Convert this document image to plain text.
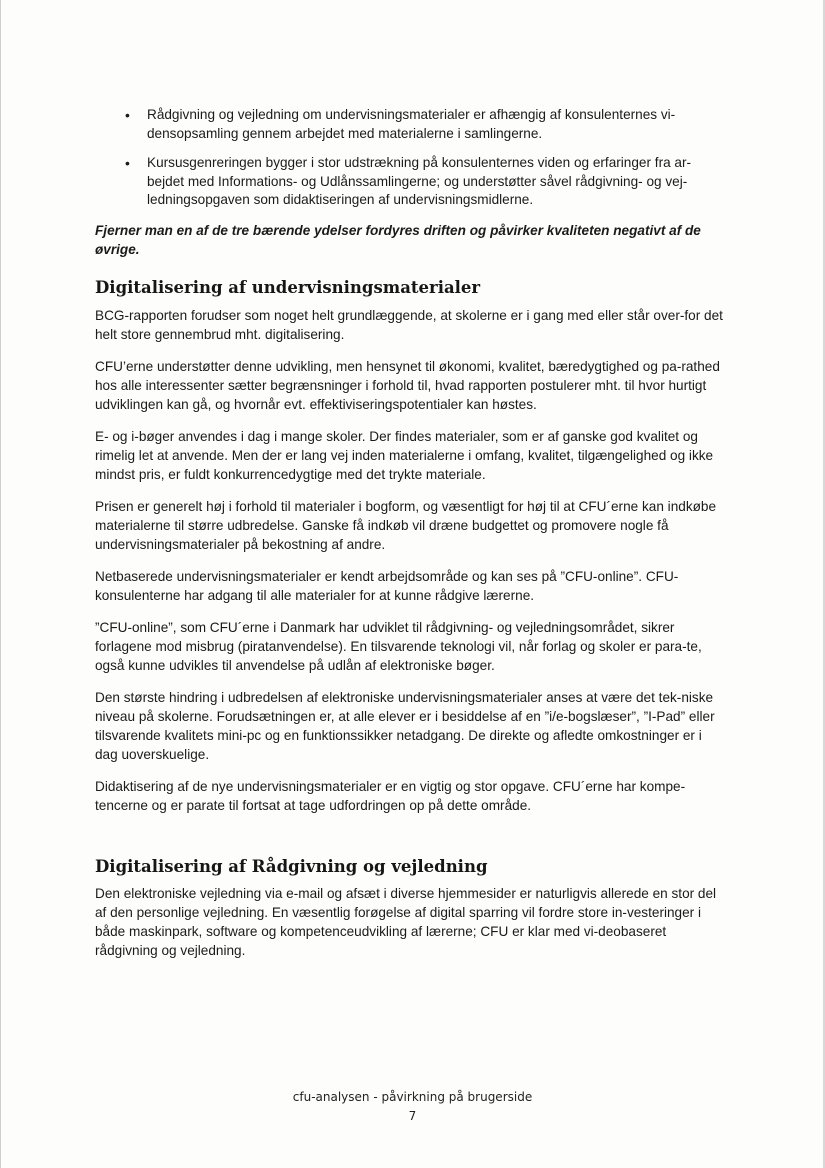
• Rådgivning og vejledning om undervisningsmaterialer er afhængig af konsulenternes vi-densopsamling gennem arbejdet med materialerne i samlingerne.
• Kursusgenreringen bygger i stor udstrækning på konsulenternes viden og erfaringer fra ar-bejdet med Informations- og Udlånssamlingerne; og understøtter såvel rådgivning- og vej-ledningsopgaven som didaktiseringen af undervisningsmidlerne.

Fjerner man en af de tre bærende ydelser fordyres driften og påvirker kvaliteten negativt af de øvrige.

Digitalisering af undervisningsmaterialer

BCG-rapporten forudser som noget helt grundlæggende, at skolerne er i gang med eller står over-for det helt store gennembrud mht. digitalisering.

CFU’erne understøtter denne udvikling, men hensynet til økonomi, kvalitet, bæredygtighed og pa-rathed hos alle interessenter sætter begrænsninger i forhold til, hvad rapporten postulerer mht. til hvor hurtigt udviklingen kan gå, og hvornår evt. effektiviseringspotentialer kan høstes.

E- og i-bøger anvendes i dag i mange skoler. Der findes materialer, som er af ganske god kvalitet og rimelig let at anvende. Men der er lang vej inden materialerne i omfang, kvalitet, tilgængelighed og ikke mindst pris, er fuldt konkurrencedygtige med det trykte materiale.

Prisen er generelt høj i forhold til materialer i bogform, og væsentligt for høj til at CFU´erne kan indkøbe materialerne til større udbredelse. Ganske få indkøb vil dræne budgettet og promovere nogle få undervisningsmaterialer på bekostning af andre.

Netbaserede undervisningsmaterialer er kendt arbejdsområde og kan ses på ”CFU-online”. CFU-konsulenterne har adgang til alle materialer for at kunne rådgive lærerne.

”CFU-online”, som CFU´erne i Danmark har udviklet til rådgivning- og vejledningsområdet, sikrer forlagene mod misbrug (piratanvendelse). En tilsvarende teknologi vil, når forlag og skoler er para-te, også kunne udvikles til anvendelse på udlån af elektroniske bøger.

Den største hindring i udbredelsen af elektroniske undervisningsmaterialer anses at være det tek-niske niveau på skolerne. Forudsætningen er, at alle elever er i besiddelse af en ”i/e-bogslæser”, ”I-Pad” eller tilsvarende kvalitets mini-pc og en funktionssikker netadgang. De direkte og afledte omkostninger er i dag uoverskuelige.

Didaktisering af de nye undervisningsmaterialer er en vigtig og stor opgave. CFU´erne har kompe-tencerne og er parate til fortsat at tage udfordringen op på dette område.

Digitalisering af Rådgivning og vejledning

Den elektroniske vejledning via e-mail og afsæt i diverse hjemmesider er naturligvis allerede en stor del af den personlige vejledning. En væsentlig forøgelse af digital sparring vil fordre store in-vesteringer i både maskinpark, software og kompetenceudvikling af lærerne; CFU er klar med vi-deobaseret rådgivning og vejledning.

cfu-analysen - påvirkning på brugerside
7
